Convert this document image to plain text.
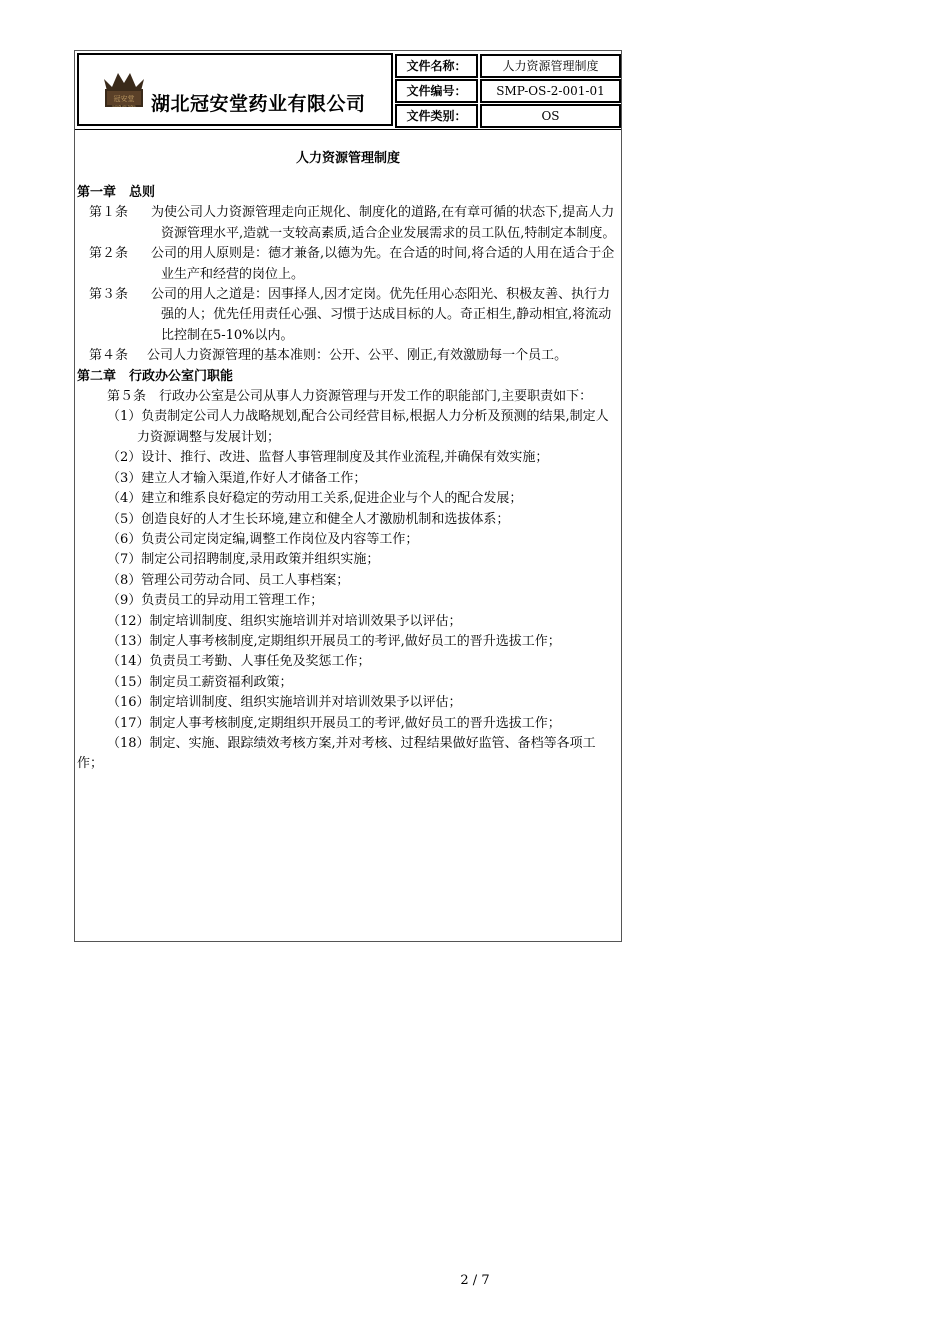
冠安堂
GUAN AN TANG 湖北冠安堂药业有限公司
文件名称：	人力资源管理制度
文件编号：	SMP-OS-2-001-01
文件类别：	OS
人力资源管理制度
第一章　总则
第１条 为使公司人力资源管理走向正规化、制度化的道路,在有章可循的状态下,提高人力资源管理水平,造就一支较高素质,适合企业发展需求的员工队伍,特制定本制度。
第２条 公司的用人原则是：德才兼备,以德为先。在合适的时间,将合适的人用在适合于企业生产和经营的岗位上。
第３条 公司的用人之道是：因事择人,因才定岗。优先任用心态阳光、积极友善、执行力强的人；优先任用责任心强、习惯于达成目标的人。奇正相生,静动相宜,将流动比控制在5-10%以内。
第４条 公司人力资源管理的基本准则：公开、公平、刚正,有效激励每一个员工。
第二章　行政办公室门职能
第５条　行政办公室是公司从事人力资源管理与开发工作的职能部门,主要职责如下：
（1）负责制定公司人力战略规划,配合公司经营目标,根据人力分析及预测的结果,制定人力资源调整与发展计划；
（2）设计、推行、改进、监督人事管理制度及其作业流程,并确保有效实施；
（3）建立人才输入渠道,作好人才储备工作；
（4）建立和维系良好稳定的劳动用工关系,促进企业与个人的配合发展；
（5）创造良好的人才生长环境,建立和健全人才激励机制和选拔体系；
（6）负责公司定岗定编,调整工作岗位及内容等工作；
（7）制定公司招聘制度,录用政策并组织实施；
（8）管理公司劳动合同、员工人事档案；
（9）负责员工的异动用工管理工作；
（12）制定培训制度、组织实施培训并对培训效果予以评估；
（13）制定人事考核制度,定期组织开展员工的考评,做好员工的晋升选拔工作；
（14）负责员工考勤、人事任免及奖惩工作；
（15）制定员工薪资福利政策；
（16）制定培训制度、组织实施培训并对培训效果予以评估；
（17）制定人事考核制度,定期组织开展员工的考评,做好员工的晋升选拔工作；
（18）制定、实施、跟踪绩效考核方案,并对考核、过程结果做好监管、备档等各项工作；
2 / 7
